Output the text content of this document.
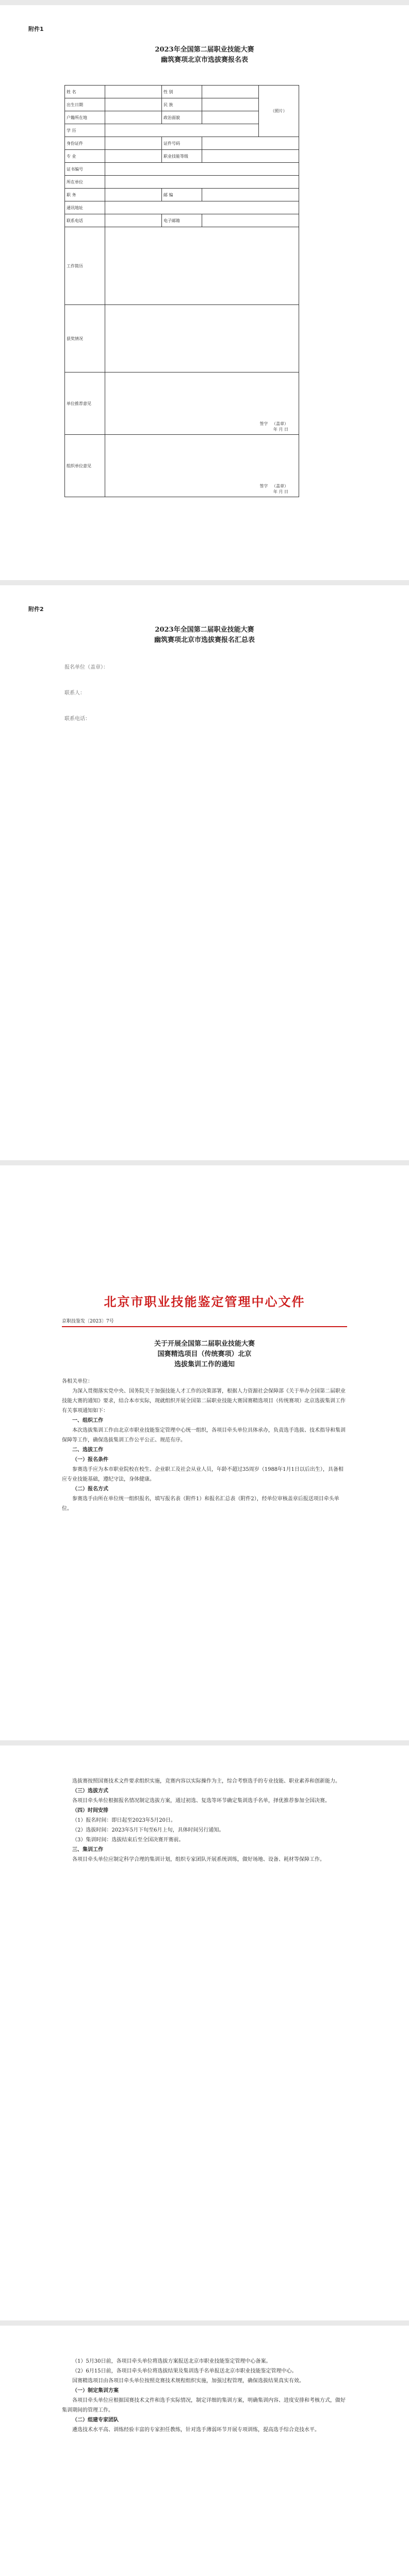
附件1
2023年全国第二届职业技能大赛
幽筑赛项北京市选拔赛报名表
姓 名		性 别		（照片）
出生日期		民 族		
户籍所在地		政治面貌		
学 历				
身份证件		证件号码		
专 业		职业技能等级		
证书编号				
所在单位				
职 务		邮 编		
通讯地址				
联系电话		电子邮箱		
工作简历				
获奖情况				
单位推荐意见	签字 （盖章）
年 月 日			
组织单位意见	签字 （盖章）
年 月 日			
附件2
2023年全国第二届职业技能大赛
幽筑赛项北京市选拔赛报名汇总表
报名单位（盖章）：
联系人：
联系电话：

北京市职业技能鉴定管理中心文件
京职技鉴发〔2023〕7号
关于开展全国第二届职业技能大赛
国赛精选项目（传统赛项）北京
选拔集训工作的通知

各相关单位：

为深入贯彻落实党中央、国务院关于加强技能人才工作的决策部署，根据人力资源社会保障部《关于举办全国第二届职业技能大赛的通知》要求，结合本市实际，现就组织开展全国第二届职业技能大赛国赛精选项目（传统赛项）北京选拔集训工作有关事项通知如下：

一、组织工作

本次选拔集训工作由北京市职业技能鉴定管理中心统一组织，各项目牵头单位具体承办，负责选手选拔、技术指导和集训保障等工作，确保选拔集训工作公平公正、规范有序。

二、选拔工作

（一）报名条件

参赛选手应为本市职业院校在校生、企业职工及社会从业人员，年龄不超过35周岁（1988年1月1日以后出生），具备相应专业技能基础，遵纪守法，身体健康。

（二）报名方式

参赛选手由所在单位统一组织报名，填写报名表（附件1）和报名汇总表（附件2），经单位审核盖章后报送项目牵头单位。

选拔赛按照国赛技术文件要求组织实施，竞赛内容以实际操作为主，综合考察选手的专业技能、职业素养和创新能力。

（三）选拔方式

各项目牵头单位根据报名情况制定选拔方案，通过初选、复选等环节确定集训选手名单，择优推荐参加全国决赛。

（四）时间安排

（1）报名时间：即日起至2023年5月20日。

（2）选拔时间：2023年5月下旬至6月上旬，具体时间另行通知。

（3）集训时间：选拔结束后至全国决赛开赛前。

三、集训工作

各项目牵头单位应制定科学合理的集训计划，组织专家团队开展系统训练，做好场地、设备、耗材等保障工作。

（1）5月30日前，各项目牵头单位将选拔方案报送北京市职业技能鉴定管理中心备案。

（2）6月15日前，各项目牵头单位将选拔结果及集训选手名单报送北京市职业技能鉴定管理中心。

国赛精选项目由各项目牵头单位按照竞赛技术规程组织实施，加强过程管理，确保选拔结果真实有效。

（一）制定集训方案

各项目牵头单位应根据国赛技术文件和选手实际情况，制定详细的集训方案，明确集训内容、进度安排和考核方式，做好集训期间的管理工作。

（二）组建专家团队

遴选技术水平高、训练经验丰富的专家担任教练，针对选手薄弱环节开展专项训练，提高选手综合竞技水平。
